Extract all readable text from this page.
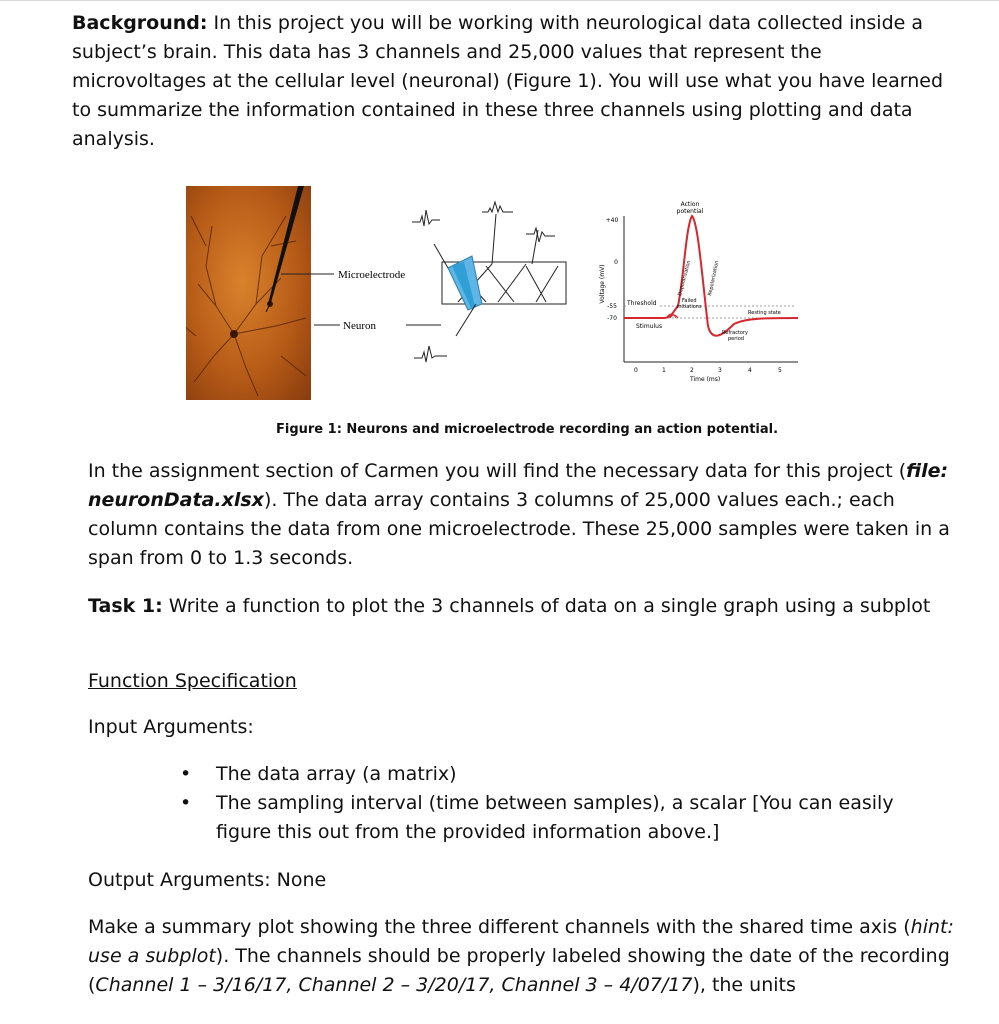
Background: In this project you will be working with neurological data collected inside a subject’s brain. This data has 3 channels and 25,000 values that represent the microvoltages at the cellular level (neuronal) (Figure 1). You will use what you have learned to summarize the information contained in these three channels using plotting and data analysis.

Microelectrode
Neuron
Voltage (mV)
+40
0
-55
-70
Threshold
0	1	2	3	4	5
Time (ms)
Action
potential
Depolarization	Repolarization
Failed
initiations
Stimulus
Resting state
Refractory
period

Figure 1: Neurons and microelectrode recording an action potential.

In the assignment section of Carmen you will find the necessary data for this project (file: neuronData.xlsx). The data array contains 3 columns of 25,000 values each.; each column contains the data from one microelectrode. These 25,000 samples were taken in a span from 0 to 1.3 seconds.

Task 1: Write a function to plot the 3 channels of data on a single graph using a subplot

Function Specification

Input Arguments:

• The data array (a matrix)
• The sampling interval (time between samples), a scalar [You can easily figure this out from the provided information above.]

Output Arguments: None

Make a summary plot showing the three different channels with the shared time axis (hint: use a subplot). The channels should be properly labeled showing the date of the recording (Channel 1 – 3/16/17, Channel 2 – 3/20/17, Channel 3 – 4/07/17), the units
